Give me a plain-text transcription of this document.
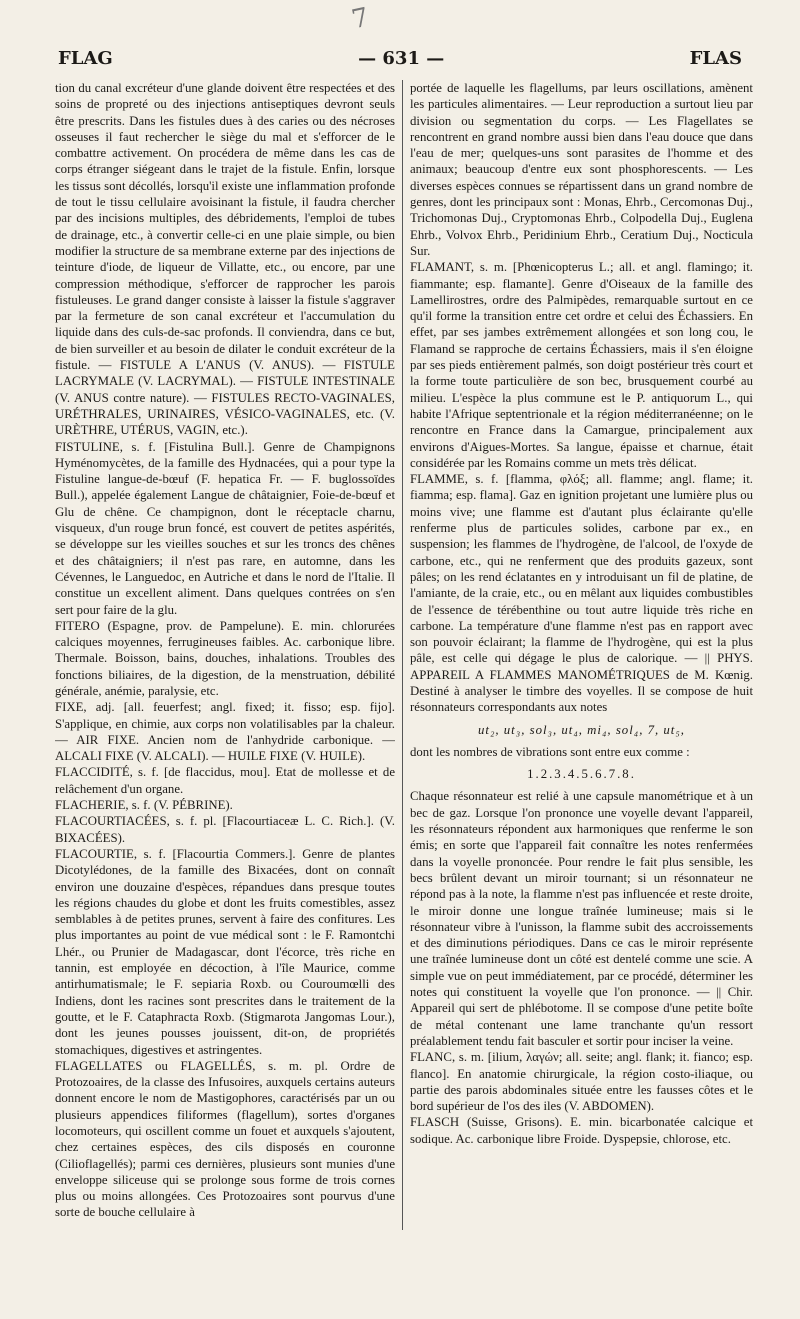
7
FLAG	— 631 —	FLAS

tion du canal excréteur d'une glande doivent être respectées et des soins de propreté ou des injections antiseptiques devront seuls être prescrits. Dans les fistules dues à des caries ou des nécroses osseuses il faut rechercher le siège du mal et s'efforcer de le combattre activement. On procédera de même dans les cas de corps étranger siégeant dans le trajet de la fistule. Enfin, lorsque les tissus sont décollés, lorsqu'il existe une inflammation profonde de tout le tissu cellulaire avoisinant la fistule, il faudra chercher par des incisions multiples, des débridements, l'emploi de tubes de drainage, etc., à convertir celle-ci en une plaie simple, ou bien modifier la structure de sa membrane externe par des injections de teinture d'iode, de liqueur de Villatte, etc., ou encore, par une compression méthodique, s'efforcer de rapprocher les parois fistuleuses. Le grand danger consiste à laisser la fistule s'aggraver par la fermeture de son canal excréteur et l'accumulation du liquide dans des culs-de-sac profonds. Il conviendra, dans ce but, de bien surveiller et au besoin de dilater le conduit excréteur de la fistule. — FISTULE A L'ANUS (V. ANUS). — FISTULE LACRYMALE (V. LACRYMAL). — FISTULE INTESTINALE (V. ANUS contre nature). — FISTULES RECTO-VAGINALES, URÉTHRALES, URINAIRES, VÉSICO-VAGINALES, etc. (V. URÈTHRE, UTÉRUS, VAGIN, etc.).

FISTULINE, s. f. [Fistulina Bull.]. Genre de Champignons Hyménomycètes, de la famille des Hydnacées, qui a pour type la Fistuline langue-de-bœuf (F. hepatica Fr. — F. buglossoïdes Bull.), appelée également Langue de châtaignier, Foie-de-bœuf et Glu de chêne. Ce champignon, dont le réceptacle charnu, visqueux, d'un rouge brun foncé, est couvert de petites aspérités, se développe sur les vieilles souches et sur les troncs des chênes et des châtaigniers; il n'est pas rare, en automne, dans les Cévennes, le Languedoc, en Autriche et dans le nord de l'Italie. Il constitue un excellent aliment. Dans quelques contrées on s'en sert pour faire de la glu.

FITERO (Espagne, prov. de Pampelune). E. min. chlorurées calciques moyennes, ferrugineuses faibles. Ac. carbonique libre. Thermale. Boisson, bains, douches, inhalations. Troubles des fonctions biliaires, de la digestion, de la menstruation, débilité générale, anémie, paralysie, etc.

FIXE, adj. [all. feuerfest; angl. fixed; it. fisso; esp. fijo]. S'applique, en chimie, aux corps non volatilisables par la chaleur. — AIR FIXE. Ancien nom de l'anhydride carbonique. — ALCALI FIXE (V. ALCALI). — HUILE FIXE (V. HUILE).

FLACCIDITÉ, s. f. [de flaccidus, mou]. Etat de mollesse et de relâchement d'un organe.

FLACHERIE, s. f. (V. PÉBRINE).

FLACOURTIACÉES, s. f. pl. [Flacourtiaceæ L. C. Rich.]. (V. BIXACÉES).

FLACOURTIE, s. f. [Flacourtia Commers.]. Genre de plantes Dicotylédones, de la famille des Bixacées, dont on connaît environ une douzaine d'espèces, répandues dans presque toutes les régions chaudes du globe et dont les fruits comestibles, assez semblables à de petites prunes, servent à faire des confitures. Les plus importantes au point de vue médical sont : le F. Ramontchi Lhér., ou Prunier de Madagascar, dont l'écorce, très riche en tannin, est employée en décoction, à l'île Maurice, comme antirhumatismale; le F. sepiaria Roxb. ou Couroumœlli des Indiens, dont les racines sont prescrites dans le traitement de la goutte, et le F. Cataphracta Roxb. (Stigmarota Jangomas Lour.), dont les jeunes pousses jouissent, dit-on, de propriétés stomachiques, digestives et astringentes.

FLAGELLATES ou FLAGELLÉS, s. m. pl. Ordre de Protozoaires, de la classe des Infusoires, auxquels certains auteurs donnent encore le nom de Mastigophores, caractérisés par un ou plusieurs appendices filiformes (flagellum), sortes d'organes locomoteurs, qui oscillent comme un fouet et auxquels s'ajoutent, chez certaines espèces, des cils disposés en couronne (Cilioflagellés); parmi ces dernières, plusieurs sont munies d'une enveloppe siliceuse qui se prolonge sous forme de trois cornes plus ou moins allongées. Ces Protozoaires sont pourvus d'une sorte de bouche cellulaire à

portée de laquelle les flagellums, par leurs oscillations, amènent les particules alimentaires. — Leur reproduction a surtout lieu par division ou segmentation du corps. — Les Flagellates se rencontrent en grand nombre aussi bien dans l'eau douce que dans l'eau de mer; quelques-uns sont parasites de l'homme et des animaux; beaucoup d'entre eux sont phosphorescents. — Les diverses espèces connues se répartissent dans un grand nombre de genres, dont les principaux sont : Monas, Ehrb., Cercomonas Duj., Trichomonas Duj., Cryptomonas Ehrb., Colpodella Duj., Euglena Ehrb., Volvox Ehrb., Peridinium Ehrb., Ceratium Duj., Nocticula Sur.

FLAMANT, s. m. [Phœnicopterus L.; all. et angl. flamingo; it. fiammante; esp. flamante]. Genre d'Oiseaux de la famille des Lamellirostres, ordre des Palmipèdes, remarquable surtout en ce qu'il forme la transition entre cet ordre et celui des Échassiers. En effet, par ses jambes extrêmement allongées et son long cou, le Flamand se rapproche de certains Échassiers, mais il s'en éloigne par ses pieds entièrement palmés, son doigt postérieur très court et la forme toute particulière de son bec, brusquement courbé au milieu. L'espèce la plus commune est le P. antiquorum L., qui habite l'Afrique septentrionale et la région méditerranéenne; on le rencontre en France dans la Camargue, principalement aux environs d'Aigues-Mortes. Sa langue, épaisse et charnue, était considérée par les Romains comme un mets très délicat.

FLAMME, s. f. [flamma, φλόξ; all. flamme; angl. flame; it. fiamma; esp. flama]. Gaz en ignition projetant une lumière plus ou moins vive; une flamme est d'autant plus éclairante qu'elle renferme plus de particules solides, carbone par ex., en suspension; les flammes de l'hydrogène, de l'alcool, de l'oxyde de carbone, etc., qui ne renferment que des produits gazeux, sont pâles; on les rend éclatantes en y introduisant un fil de platine, de l'amiante, de la craie, etc., ou en mêlant aux liquides combustibles de l'essence de térébenthine ou tout autre liquide très riche en carbone. La température d'une flamme n'est pas en rapport avec son pouvoir éclairant; la flamme de l'hydrogène, qui est la plus pâle, est celle qui dégage le plus de calorique. — || PHYS. APPAREIL A FLAMMES MANOMÉTRIQUES de M. Kœnig. Destiné à analyser le timbre des voyelles. Il se compose de huit résonnateurs correspondants aux notes

ut₂, ut₃, sol₃, ut₄, mi₄, sol₄, 7, ut₅,

dont les nombres de vibrations sont entre eux comme :

1.2.3.4.5.6.7.8.

Chaque résonnateur est relié à une capsule manométrique et à un bec de gaz. Lorsque l'on prononce une voyelle devant l'appareil, les résonnateurs répondent aux harmoniques que renferme le son émis; en sorte que l'appareil fait connaître les notes renfermées dans la voyelle prononcée. Pour rendre le fait plus sensible, les becs brûlent devant un miroir tournant; si un résonnateur ne répond pas à la note, la flamme n'est pas influencée et reste droite, le miroir donne une longue traînée lumineuse; mais si le résonnateur vibre à l'unisson, la flamme subit des accroissements et des diminutions périodiques. Dans ce cas le miroir représente une traînée lumineuse dont un côté est dentelé comme une scie. A simple vue on peut immédiatement, par ce procédé, déterminer les notes qui constituent la voyelle que l'on prononce. — || Chir. Appareil qui sert de phlébotome. Il se compose d'une petite boîte de métal contenant une lame tranchante qu'un ressort préalablement tendu fait basculer et sortir pour inciser la veine.

FLANC, s. m. [ilium, λαγών; all. seite; angl. flank; it. fianco; esp. flanco]. En anatomie chirurgicale, la région costo-iliaque, ou partie des parois abdominales située entre les fausses côtes et le bord supérieur de l'os des iles (V. ABDOMEN).

FLASCH (Suisse, Grisons). E. min. bicarbonatée calcique et sodique. Ac. carbonique libre Froide. Dyspepsie, chlorose, etc.
